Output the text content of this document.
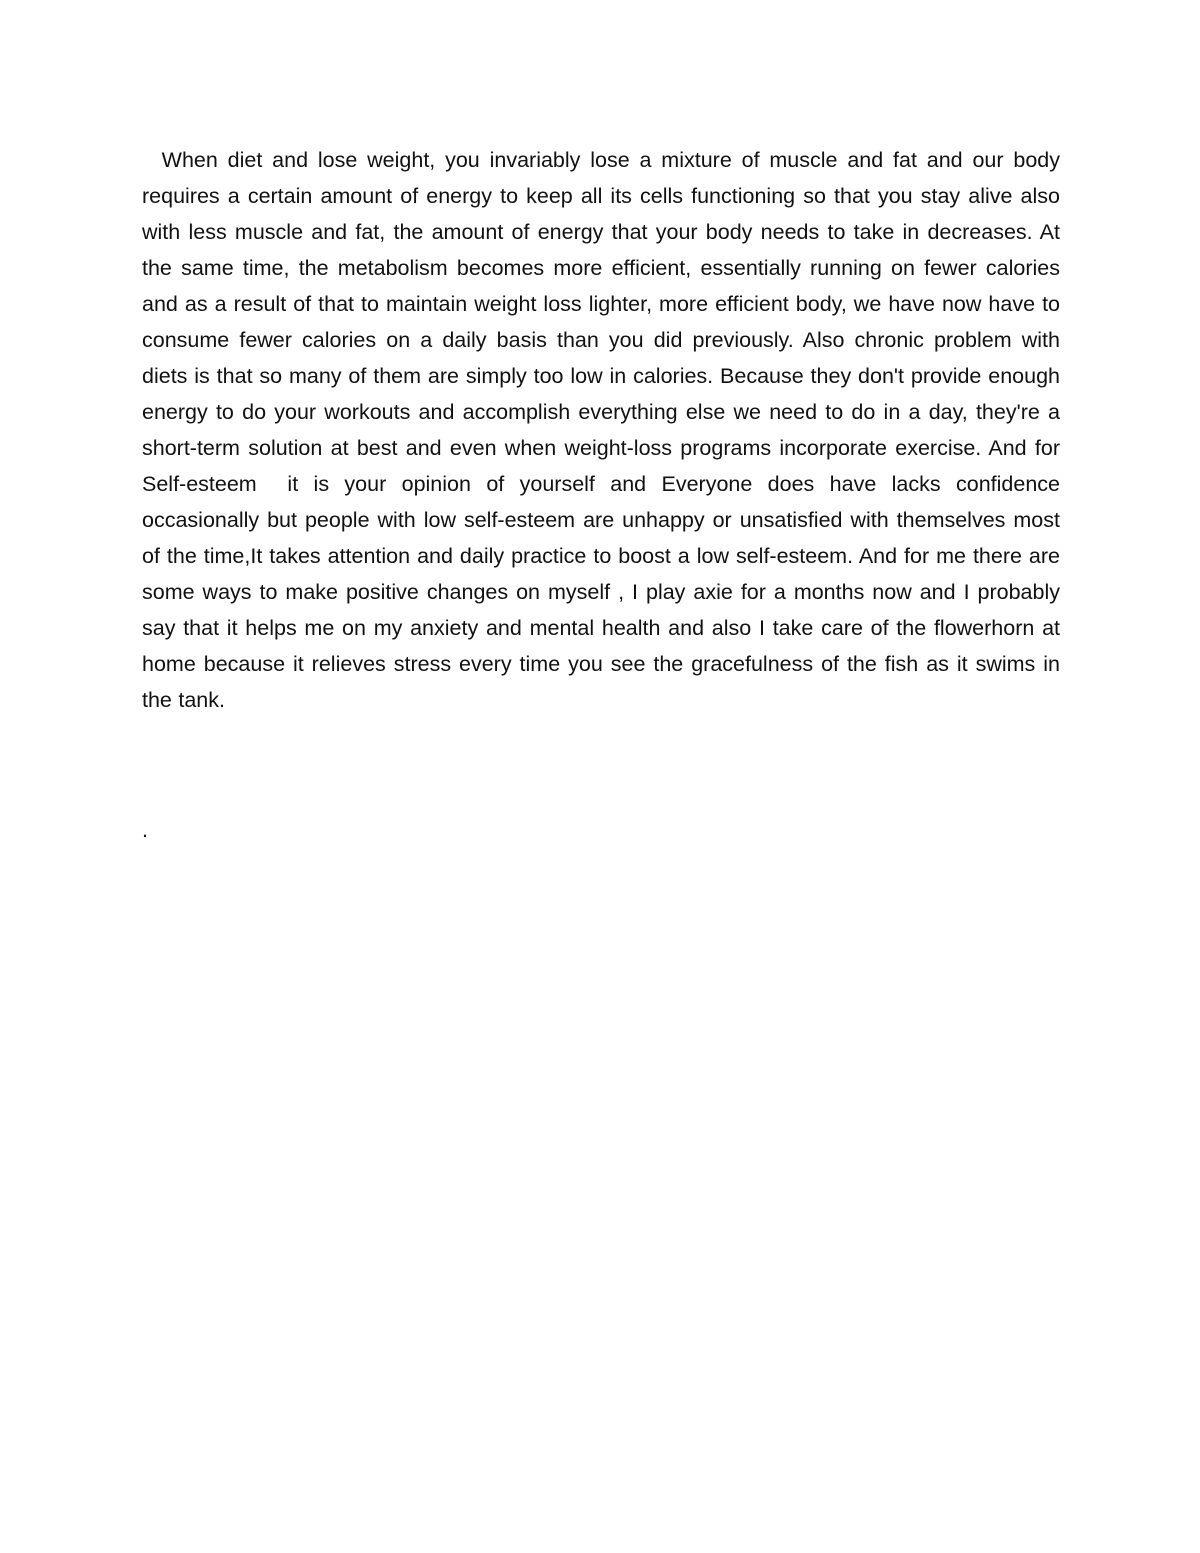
When diet and lose weight, you invariably lose a mixture of muscle and fat and our body requires a certain amount of energy to keep all its cells functioning so that you stay alive also with less muscle and fat, the amount of energy that your body needs to take in decreases. At the same time, the metabolism becomes more efficient, essentially running on fewer calories and as a result of that to maintain weight loss lighter, more efficient body, we have now have to consume fewer calories on a daily basis than you did previously. Also chronic problem with diets is that so many of them are simply too low in calories. Because they don't provide enough energy to do your workouts and accomplish everything else we need to do in a day, they're a short-term solution at best and even when weight-loss programs incorporate exercise. And for Self-esteem  it is your opinion of yourself and Everyone does have lacks confidence occasionally but people with low self-esteem are unhappy or unsatisfied with themselves most of the time,It takes attention and daily practice to boost a low self-esteem. And for me there are some ways to make positive changes on myself , I play axie for a months now and I probably say that it helps me on my anxiety and mental health and also I take care of the flowerhorn at home because it relieves stress every time you see the gracefulness of the fish as it swims in the tank.

.
